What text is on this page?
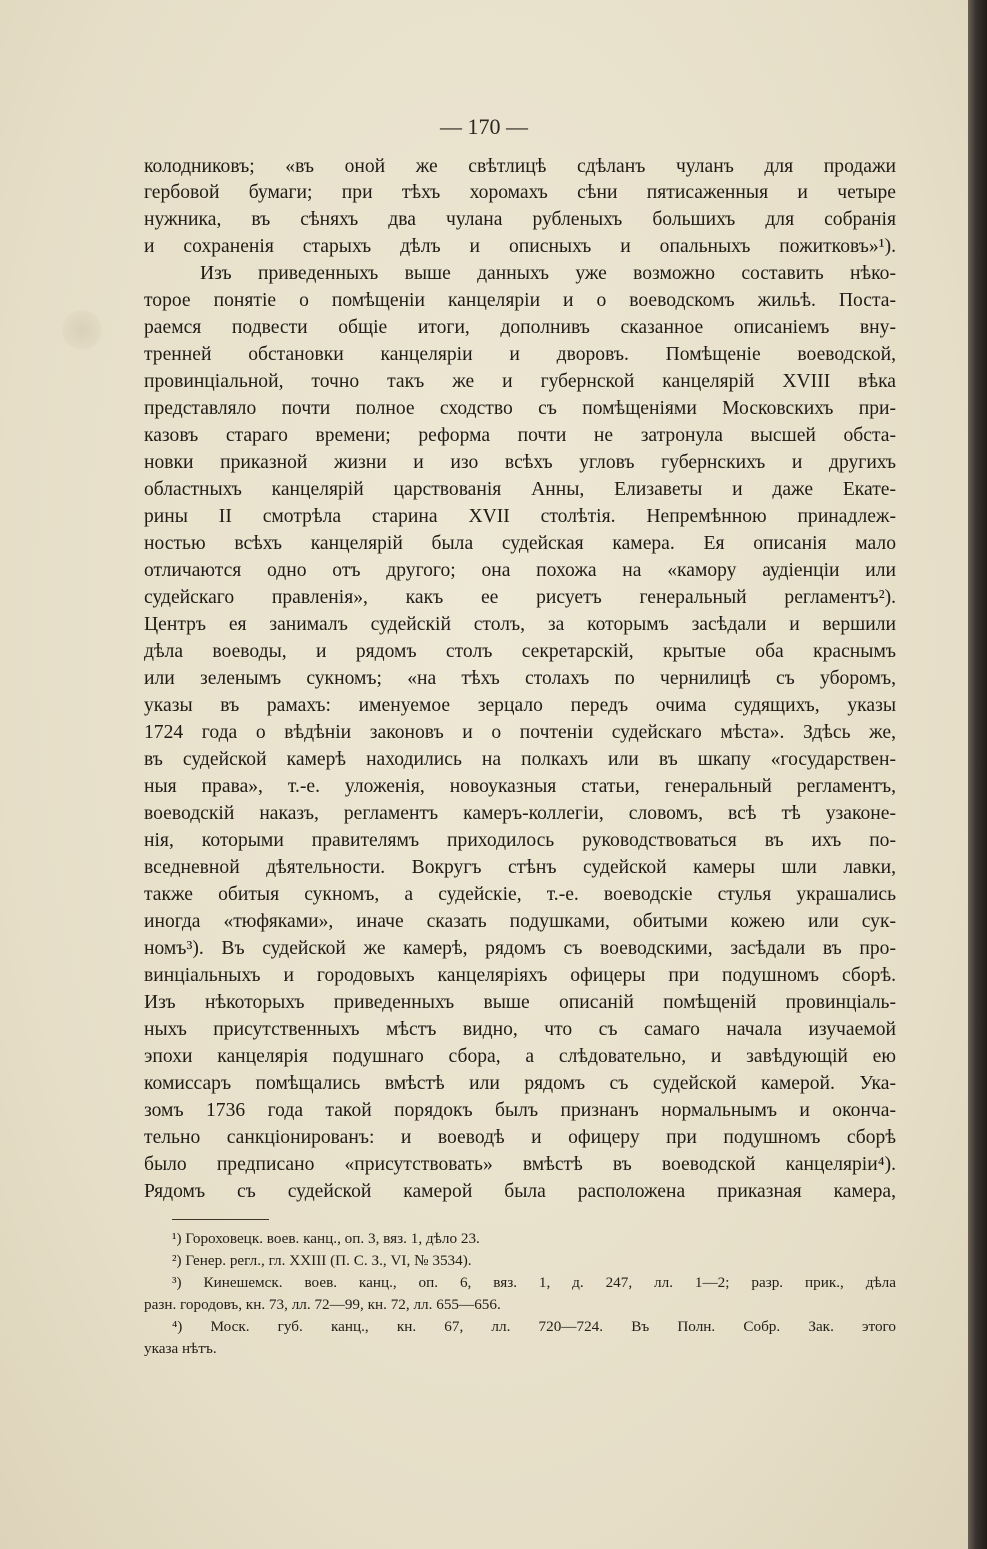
— 170 —
колодниковъ; «въ оной же свѣтлицѣ сдѣланъ чуланъ для продажи
гербовой бумаги; при тѣхъ хоромахъ сѣни пятисаженныя и четыре
нужника, въ сѣняхъ два чулана рубленыхъ большихъ для собранія
и сохраненія старыхъ дѣлъ и описныхъ и опальныхъ пожитковъ»¹).
Изъ приведенныхъ выше данныхъ уже возможно составить нѣко-
торое понятіе о помѣщеніи канцеляріи и о воеводскомъ жильѣ. Поста-
раемся подвести общіе итоги, дополнивъ сказанное описаніемъ вну-
тренней обстановки канцеляріи и дворовъ. Помѣщеніе воеводской,
провинціальной, точно такъ же и губернской канцелярій XVIII вѣка
представляло почти полное сходство съ помѣщеніями Московскихъ при-
казовъ стараго времени; реформа почти не затронула высшей обста-
новки приказной жизни и изо всѣхъ угловъ губернскихъ и другихъ
областныхъ канцелярій царствованія Анны, Елизаветы и даже Екате-
рины II смотрѣла старина XVII столѣтія. Непремѣнною принадлеж-
ностью всѣхъ канцелярій была судейская камера. Ея описанія мало
отличаются одно отъ другого; она похожа на «камору аудіенціи или
судейскаго правленія», какъ ее рисуетъ генеральный регламентъ²).
Центръ ея занималъ судейскій столъ, за которымъ засѣдали и вершили
дѣла воеводы, и рядомъ столъ секретарскій, крытые оба краснымъ
или зеленымъ сукномъ; «на тѣхъ столахъ по чернилицѣ съ уборомъ,
указы въ рамахъ: именуемое зерцало передъ очима судящихъ, указы
1724 года о вѣдѣніи законовъ и о почтеніи судейскаго мѣста». Здѣсь же,
въ судейской камерѣ находились на полкахъ или въ шкапу «государствен-
ныя права», т.-е. уложенія, новоуказныя статьи, генеральный регламентъ,
воеводскій наказъ, регламентъ камеръ-коллегіи, словомъ, всѣ тѣ узаконе-
нія, которыми правителямъ приходилось руководствоваться въ ихъ по-
вседневной дѣятельности. Вокругъ стѣнъ судейской камеры шли лавки,
также обитыя сукномъ, а судейскіе, т.-е. воеводскіе стулья украшались
иногда «тюфяками», иначе сказать подушками, обитыми кожею или сук-
номъ³). Въ судейской же камерѣ, рядомъ съ воеводскими, засѣдали въ про-
винціальныхъ и городовыхъ канцеляріяхъ офицеры при подушномъ сборѣ.
Изъ нѣкоторыхъ приведенныхъ выше описаній помѣщеній провинціаль-
ныхъ присутственныхъ мѣстъ видно, что съ самаго начала изучаемой
эпохи канцелярія подушнаго сбора, а слѣдовательно, и завѣдующій ею
комиссаръ помѣщались вмѣстѣ или рядомъ съ судейской камерой. Ука-
зомъ 1736 года такой порядокъ былъ признанъ нормальнымъ и оконча-
тельно санкціонированъ: и воеводѣ и офицеру при подушномъ сборѣ
было предписано «присутствовать» вмѣстѣ въ воеводской канцеляріи⁴).
Рядомъ съ судейской камерой была расположена приказная камера,
¹) Гороховецк. воев. канц., оп. 3, вяз. 1, дѣло 23.
²) Генер. регл., гл. XXIII (П. С. З., VI, № 3534).
³) Кинешемск. воев. канц., оп. 6, вяз. 1, д. 247, лл. 1—2; разр. прик., дѣла
разн. городовъ, кн. 73, лл. 72—99, кн. 72, лл. 655—656.
⁴) Моск. губ. канц., кн. 67, лл. 720—724. Въ Полн. Собр. Зак. этого
указа нѣтъ.
